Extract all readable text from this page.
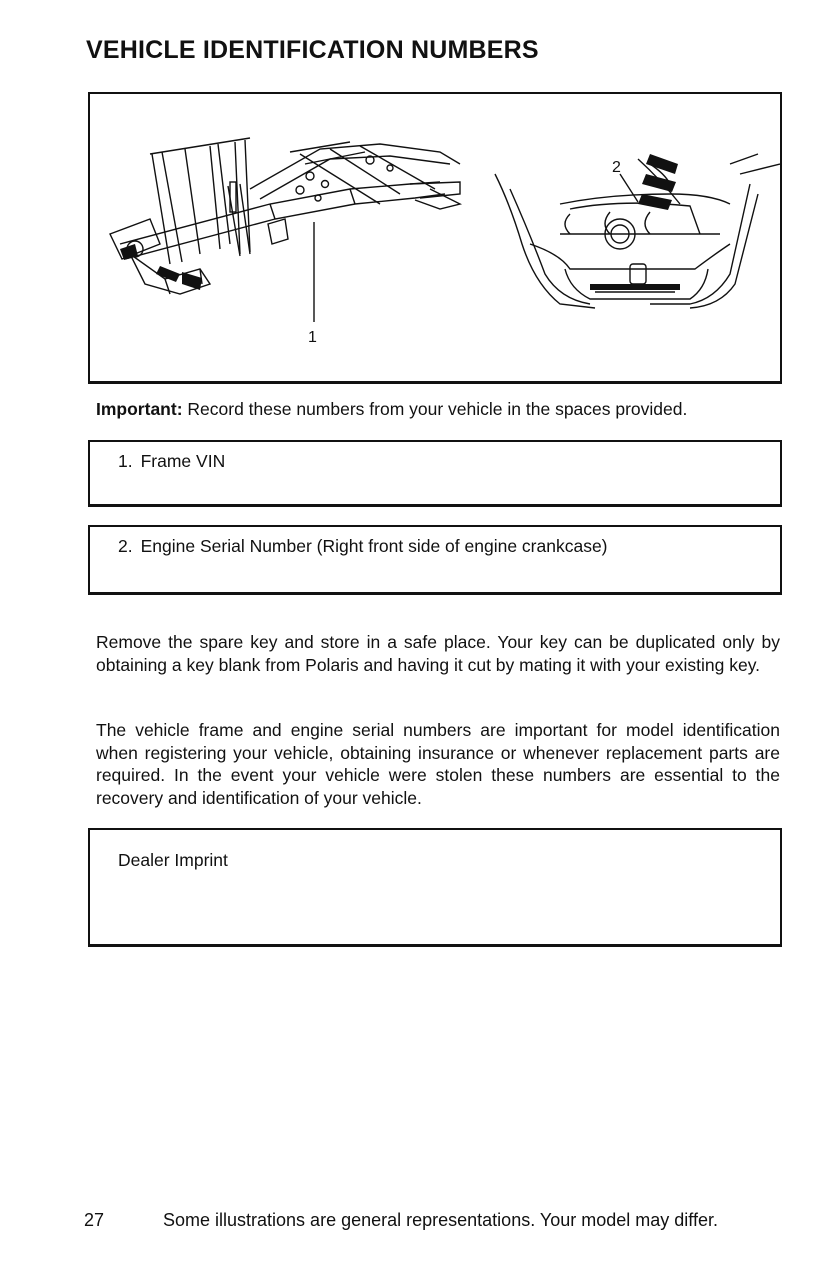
VEHICLE IDENTIFICATION NUMBERS
1
2

Important: Record these numbers from your vehicle in the spaces provided.

1. Frame VIN
2. Engine Serial Number (Right front side of engine crankcase)

Remove the spare key and store in a safe place. Your key can be duplicated only by obtaining a key blank from Polaris and having it cut by mating it with your existing key.

The vehicle frame and engine serial numbers are important for model identification when registering your vehicle, obtaining insurance or whenever replacement parts are required. In the event your vehicle were stolen these numbers are essential to the recovery and identification of your vehicle.

Dealer Imprint
27	Some illustrations are general representations. Your model may differ.
